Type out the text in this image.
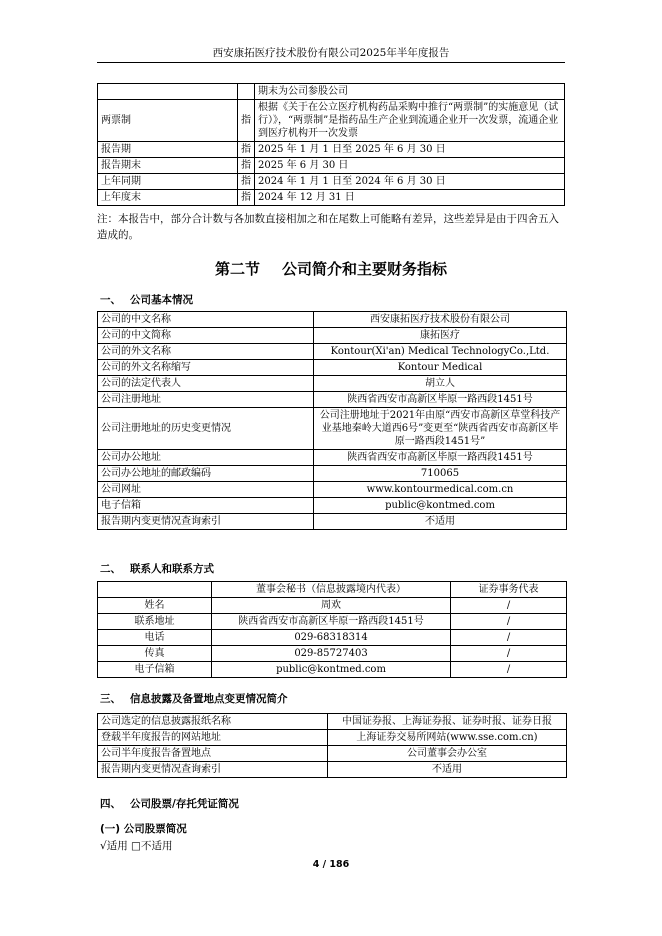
西安康拓医疗技术股份有限公司2025年半年度报告
		期末为公司参股公司
两票制	指	根据《关于在公立医疗机构药品采购中推行“两票制”的实施意见（试行）》，“两票制”是指药品生产企业到流通企业开一次发票，流通企业到医疗机构开一次发票
报告期	指	2025 年 1 月 1 日至 2025 年 6 月 30 日
报告期末	指	2025 年 6 月 30 日
上年同期	指	2024 年 1 月 1 日至 2024 年 6 月 30 日
上年度末	指	2024 年 12 月 31 日
注：本报告中，部分合计数与各加数直接相加之和在尾数上可能略有差异，这些差异是由于四舍五入造成的。
第二节 公司简介和主要财务指标
一、 公司基本情况
公司的中文名称	西安康拓医疗技术股份有限公司
公司的中文简称	康拓医疗
公司的外文名称	Kontour(Xi'an) Medical TechnologyCo.,Ltd.
公司的外文名称缩写	Kontour Medical
公司的法定代表人	胡立人
公司注册地址	陕西省西安市高新区毕原一路西段1451号
公司注册地址的历史变更情况	公司注册地址于2021年由原“西安市高新区草堂科技产业基地秦岭大道西6号”变更至“陕西省西安市高新区毕原一路西段1451号”
公司办公地址	陕西省西安市高新区毕原一路西段1451号
公司办公地址的邮政编码	710065
公司网址	www.kontourmedical.com.cn
电子信箱	public@kontmed.com
报告期内变更情况查询索引	不适用
二、 联系人和联系方式
	董事会秘书（信息披露境内代表）	证券事务代表
姓名	周欢	/
联系地址	陕西省西安市高新区毕原一路西段1451号	/
电话	029-68318314	/
传真	029-85727403	/
电子信箱	public@kontmed.com	/
三、 信息披露及备置地点变更情况简介
公司选定的信息披露报纸名称	中国证券报、上海证券报、证券时报、证券日报
登载半年度报告的网站地址	上海证券交易所网站(www.sse.com.cn)
公司半年度报告备置地点	公司董事会办公室
报告期内变更情况查询索引	不适用
四、 公司股票/存托凭证简况
(一) 公司股票简况
√适用 □不适用
4 / 186
